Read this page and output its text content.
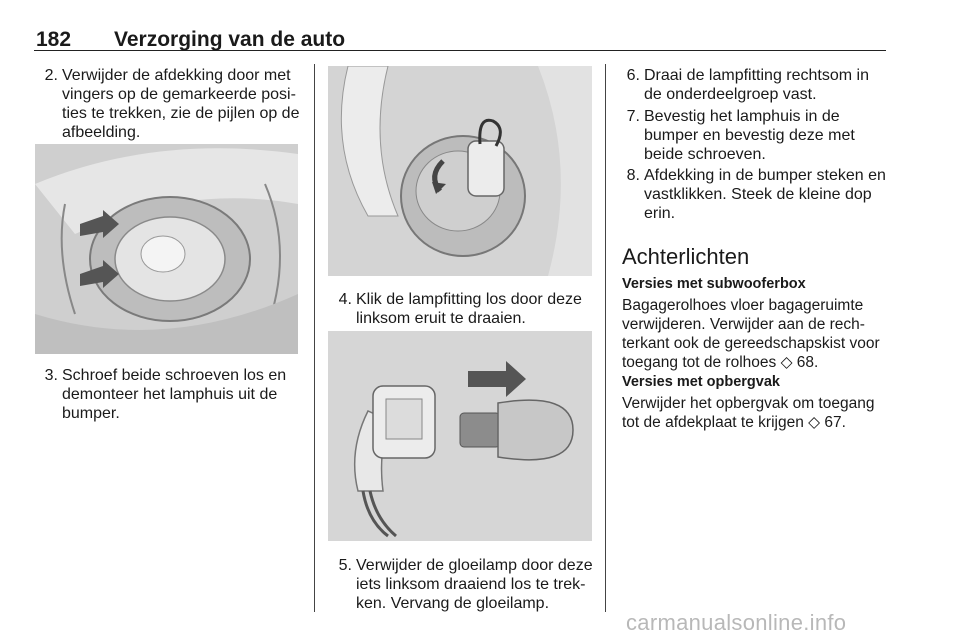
182 Verzorging van de auto
2. Verwijder de afdekking door met
vingers op de gemarkeerde posi-
ties te trekken, zie de pijlen op de
afbeelding.
3. Schroef beide schroeven los en
demonteer het lamphuis uit de
bumper.
4. Klik de lampfitting los door deze
linksom eruit te draaien.
5. Verwijder de gloeilamp door deze
iets linksom draaiend los te trek-
ken. Vervang de gloeilamp.
6. Draai de lampfitting rechtsom in
de onderdeelgroep vast.
7. Bevestig het lamphuis in de
bumper en bevestig deze met
beide schroeven.
8. Afdekking in de bumper steken en
vastklikken. Steek de kleine dop
erin.
Achterlichten
Versies met subwooferbox
Bagagerolhoes vloer bagageruimte
verwijderen. Verwijder aan de rech-
terkant ook de gereedschapskist voor
toegang tot de rolhoes ◇ 68.
Versies met opbergvak
Verwijder het opbergvak om toegang
tot de afdekplaat te krijgen ◇ 67.
carmanualsonline.info
